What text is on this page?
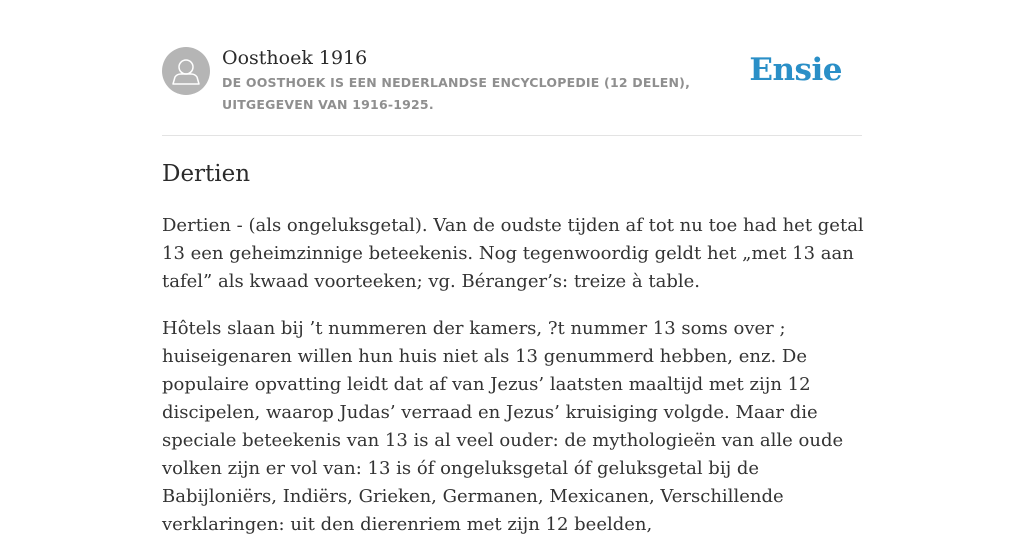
Oosthoek 1916
DE OOSTHOEK IS EEN NEDERLANDSE ENCYCLOPEDIE (12 DELEN), UITGEGEVEN VAN 1916-1925.
Ensie
Dertien

Dertien - (als ongeluksgetal). Van de oudste tijden af tot nu toe had het getal 13 een geheimzinnige beteekenis. Nog tegenwoordig geldt het „met 13 aan tafel” als kwaad voorteeken; vg. Béranger’s: treize à table.

Hôtels slaan bij ’t nummeren der kamers, ?t nummer 13 soms over ; huiseigenaren willen hun huis niet als 13 genummerd hebben, enz. De populaire opvatting leidt dat af van Jezus’ laatsten maaltijd met zijn 12 discipelen, waarop Judas’ verraad en Jezus’ kruisiging volgde. Maar die speciale beteekenis van 13 is al veel ouder: de mythologieën van alle oude volken zijn er vol van: 13 is óf ongeluksgetal óf geluksgetal bij de Babijloniërs, Indiërs, Grieken, Germanen, Mexicanen, Verschillende verklaringen: uit den dierenriem met zijn 12 beelden,
